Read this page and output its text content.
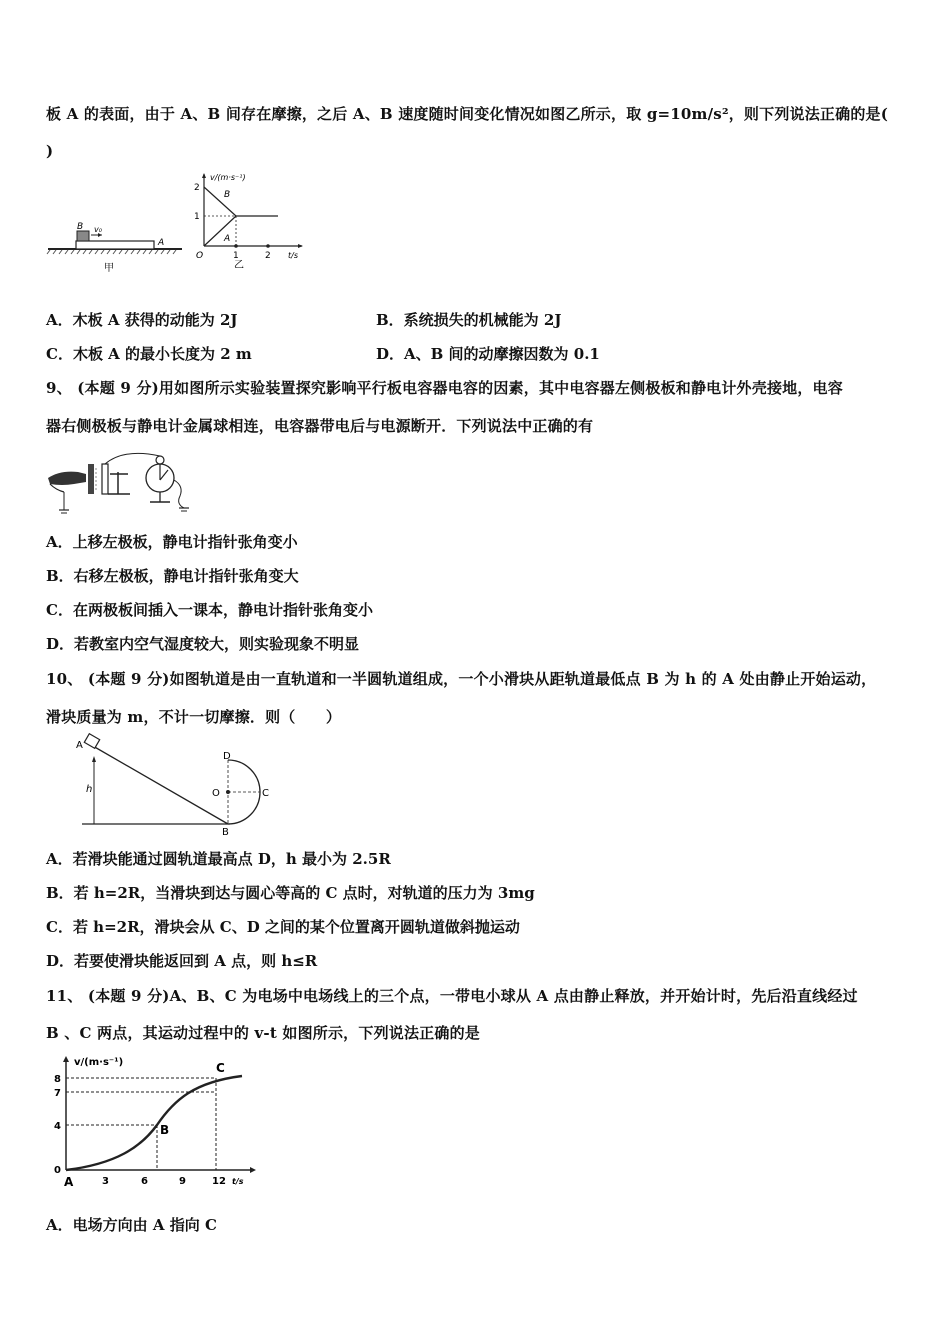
板 A 的表面，由于 A、B 间存在摩擦，之后 A、B 速度随时间变化情况如图乙所示，取 g=10m/s²，则下列说法正确的是(
)
B v₀
A
甲
v/(m·s⁻¹)
2
1
B
A
O	1	2 t/s
乙
A．木板 A 获得的动能为 2J	B．系统损失的机械能为 2J
C．木板 A 的最小长度为 2 m	D．A、B 间的动摩擦因数为 0.1
9、 (本题 9 分)用如图所示实验装置探究影响平行板电容器电容的因素，其中电容器左侧极板和静电计外壳接地，电容
器右侧极板与静电计金属球相连，电容器带电后与电源断开．下列说法中正确的有
A．上移左极板，静电计指针张角变小
B．右移左极板，静电计指针张角变大
C．在两极板间插入一课本，静电计指针张角变小
D．若教室内空气湿度较大，则实验现象不明显
10、 (本题 9 分)如图轨道是由一直轨道和一半圆轨道组成，一个小滑块从距轨道最低点 B 为 h 的 A 处由静止开始运动，
滑块质量为 m，不计一切摩擦．则（　　）
A
h
B
D
O	C
A．若滑块能通过圆轨道最高点 D，h 最小为 2.5R
B．若 h=2R，当滑块到达与圆心等高的 C 点时，对轨道的压力为 3mg
C．若 h=2R，滑块会从 C、D 之间的某个位置离开圆轨道做斜抛运动
D．若要使滑块能返回到 A 点，则 h≤R
11、 (本题 9 分)A、B、C 为电场中电场线上的三个点，一带电小球从 A 点由静止释放，并开始计时，先后沿直线经过
B 、C 两点，其运动过程中的 v-t 如图所示，下列说法正确的是
v/(m·s⁻¹)
8
7
4
0
3	6	9	12 t/s
A
B
C
A．电场方向由 A 指向 C
